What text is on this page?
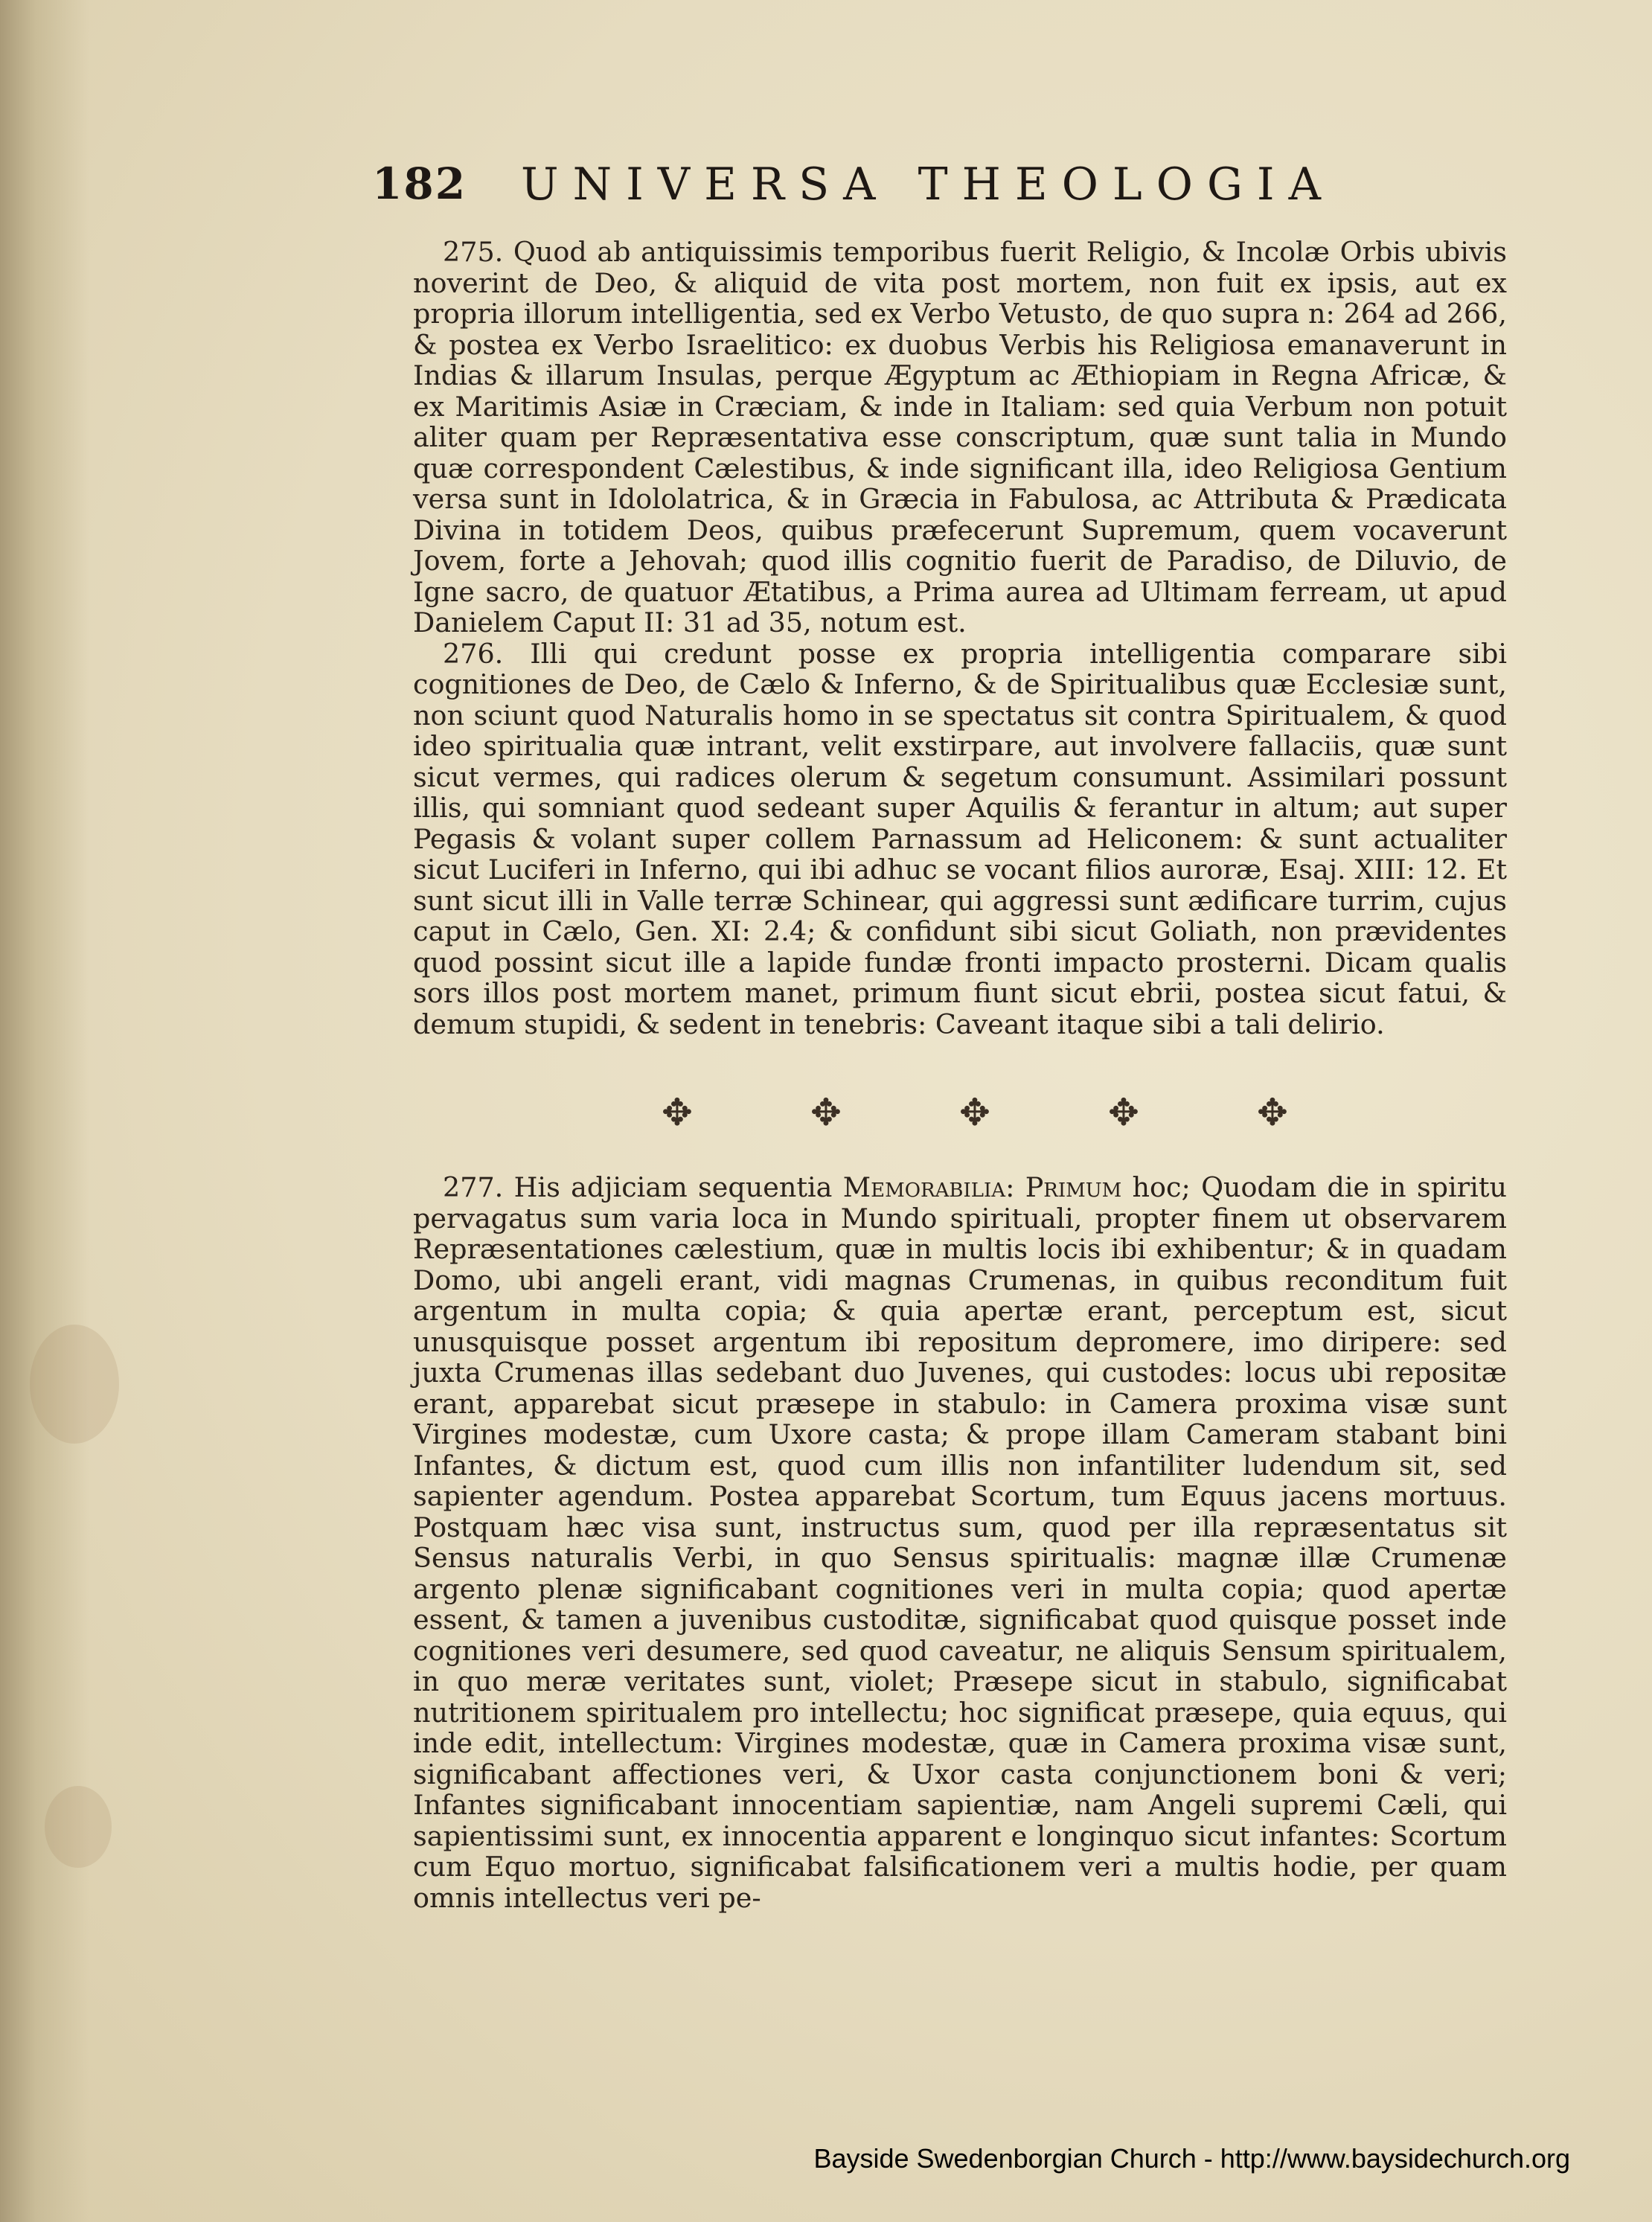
182 UNIVERSA THEOLOGIA

275. Quod ab antiquissimis temporibus fuerit Religio, & Incolæ Orbis ubivis noverint de Deo, & aliquid de vita post mortem, non fuit ex ipsis, aut ex propria illorum intelligentia, sed ex Verbo Vetusto, de quo supra n: 264 ad 266, & postea ex Verbo Israelitico: ex duobus Verbis his Religiosa emanaverunt in Indias & illarum Insulas, perque Ægyptum ac Æthiopiam in Regna Africæ, & ex Maritimis Asiæ in Cræciam, & inde in Italiam: sed quia Verbum non potuit aliter quam per Repræsentativa esse conscriptum, quæ sunt talia in Mundo quæ correspondent Cælestibus, & inde significant illa, ideo Religiosa Gentium versa sunt in Idololatrica, & in Græcia in Fabulosa, ac Attributa & Prædicata Divina in totidem Deos, quibus præfecerunt Supremum, quem vocaverunt Jovem, forte a Jehovah; quod illis cognitio fuerit de Paradiso, de Diluvio, de Igne sacro, de quatuor Ætatibus, a Prima aurea ad Ultimam ferream, ut apud Danielem Caput II: 31 ad 35, notum est.

276. Illi qui credunt posse ex propria intelligentia comparare sibi cognitiones de Deo, de Cælo & Inferno, & de Spiritualibus quæ Ecclesiæ sunt, non sciunt quod Naturalis homo in se spectatus sit contra Spiritualem, & quod ideo spiritualia quæ intrant, velit exstirpare, aut involvere fallaciis, quæ sunt sicut vermes, qui radices olerum & segetum consumunt. Assimilari possunt illis, qui somniant quod sedeant super Aquilis & ferantur in altum; aut super Pegasis & volant super collem Parnassum ad Heliconem: & sunt actualiter sicut Luciferi in Inferno, qui ibi adhuc se vocant filios auroræ, Esaj. XIII: 12. Et sunt sicut illi in Valle terræ Schinear, qui aggressi sunt ædificare turrim, cujus caput in Cælo, Gen. XI: 2.4; & confidunt sibi sicut Goliath, non prævidentes quod possint sicut ille a lapide fundæ fronti impacto prosterni. Dicam qualis sors illos post mortem manet, primum fiunt sicut ebrii, postea sicut fatui, & demum stupidi, & sedent in tenebris: Caveant itaque sibi a tali delirio.

✥	✥	✥	✥	✥

277. His adjiciam sequentia Memorabilia: Primum hoc; Quodam die in spiritu pervagatus sum varia loca in Mundo spirituali, propter finem ut observarem Repræsentationes cælestium, quæ in multis locis ibi exhibentur; & in quadam Domo, ubi angeli erant, vidi magnas Crumenas, in quibus reconditum fuit argentum in multa copia; & quia apertæ erant, perceptum est, sicut unusquisque posset argentum ibi repositum depromere, imo diripere: sed juxta Crumenas illas sedebant duo Juvenes, qui custodes: locus ubi repositæ erant, apparebat sicut præsepe in stabulo: in Camera proxima visæ sunt Virgines modestæ, cum Uxore casta; & prope illam Cameram stabant bini Infantes, & dictum est, quod cum illis non infantiliter ludendum sit, sed sapienter agendum. Postea apparebat Scortum, tum Equus jacens mortuus. Postquam hæc visa sunt, instructus sum, quod per illa repræsentatus sit Sensus naturalis Verbi, in quo Sensus spiritualis: magnæ illæ Crumenæ argento plenæ significabant cognitiones veri in multa copia; quod apertæ essent, & tamen a juvenibus custoditæ, significabat quod quisque posset inde cognitiones veri desumere, sed quod caveatur, ne aliquis Sensum spiritualem, in quo meræ veritates sunt, violet; Præsepe sicut in stabulo, significabat nutritionem spiritualem pro intellectu; hoc significat præsepe, quia equus, qui inde edit, intellectum: Virgines modestæ, quæ in Camera proxima visæ sunt, significabant affectiones veri, & Uxor casta conjunctionem boni & veri; Infantes significabant innocentiam sapientiæ, nam Angeli supremi Cæli, qui sapientissimi sunt, ex innocentia apparent e longinquo sicut infantes: Scortum cum Equo mortuo, significabat falsificationem veri a multis hodie, per quam omnis intellectus veri pe-

Bayside Swedenborgian Church - http://www.baysidechurch.org
